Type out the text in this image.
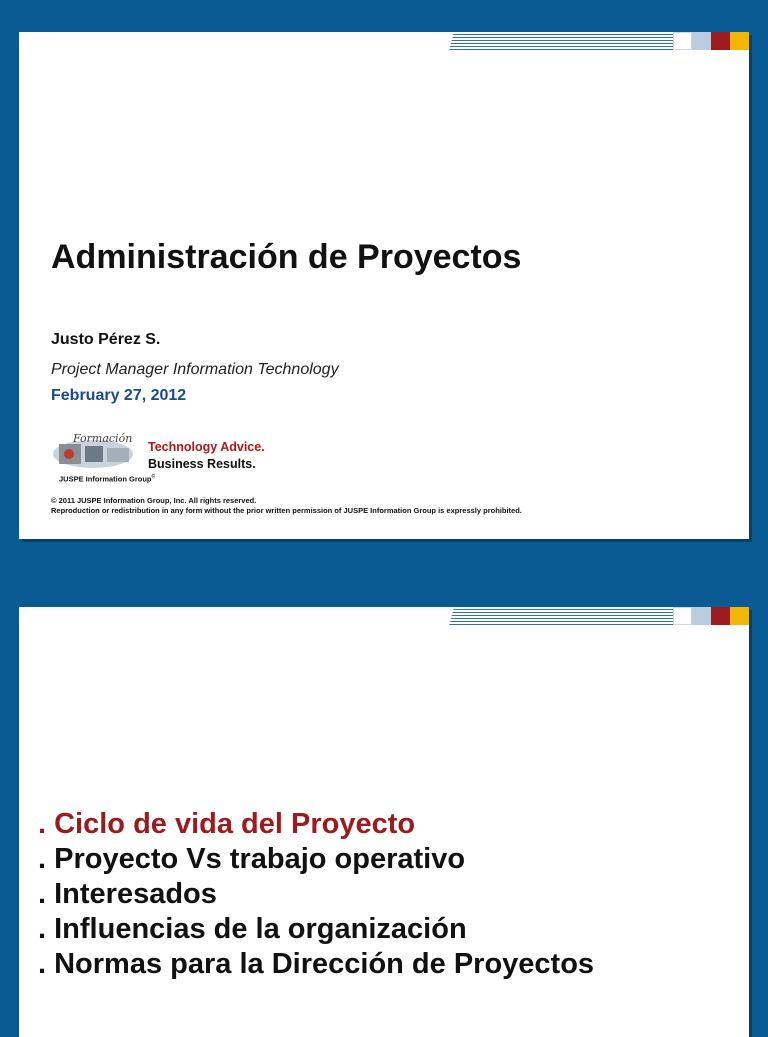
Administración de Proyectos
Justo Pérez S.
Project Manager Information Technology
February 27, 2012
Formación
Technology Advice.
Business Results.
JUSPE Information Group©
© 2011 JUSPE Information Group, Inc. All rights reserved.
Reproduction or redistribution in any form without the prior written permission of JUSPE Information Group is expressly prohibited.
. Ciclo de vida del Proyecto
. Proyecto Vs trabajo operativo
. Interesados
. Influencias de la organización
. Normas para la Dirección de Proyectos
